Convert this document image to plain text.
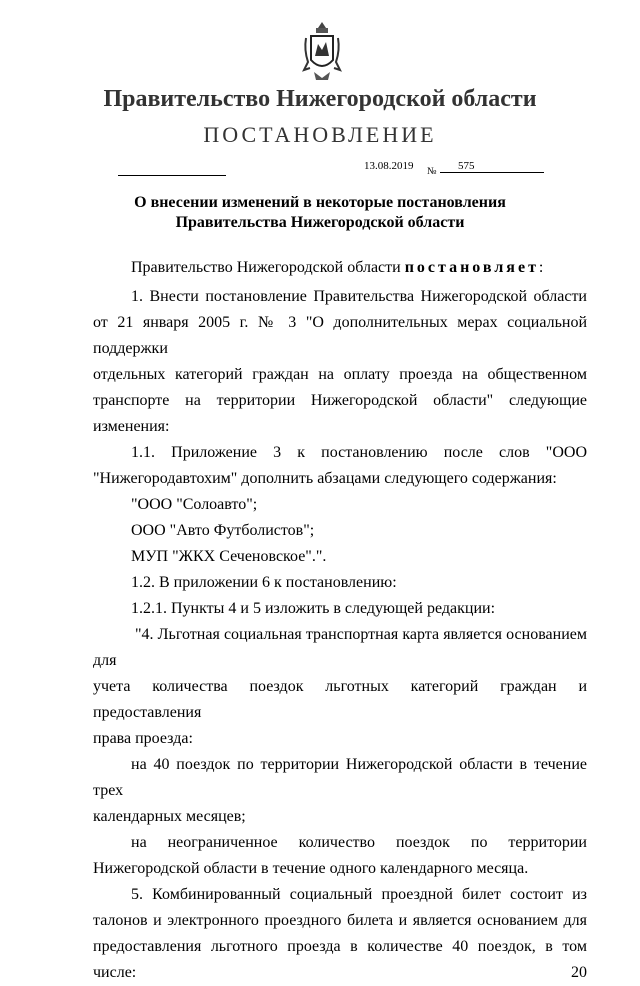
Правительство Нижегородской области
ПОСТАНОВЛЕНИЕ
13.08.2019 №	575
О внесении изменений в некоторые постановления
Правительства Нижегородской области

Правительство Нижегородской области постановляет:

1. Внести постановление Правительства Нижегородской области

от 21 января 2005 г. № 3 "О дополнительных мерах социальной поддержки

отдельных категорий граждан на оплату проезда на общественном

транспорте на территории Нижегородской области" следующие изменения:

1.1. Приложение 3 к постановлению после слов "ООО

"Нижегородавтохим" дополнить абзацами следующего содержания:

"ООО "Солоавто";

ООО "Авто Футболистов";

МУП "ЖКХ Сеченовское".".

1.2. В приложении 6 к постановлению:

1.2.1. Пункты 4 и 5 изложить в следующей редакции:

"4. Льготная социальная транспортная карта является основанием для

учета количества поездок льготных категорий граждан и предоставления

права проезда:

на 40 поездок по территории Нижегородской области в течение трех

календарных месяцев;

на неограниченное количество поездок по территории

Нижегородской области в течение одного календарного месяца.

5. Комбинированный социальный проездной билет состоит из

талонов и электронного проездного билета и является основанием для

предоставления льготного проезда в количестве 40 поездок, в том числе: 20
